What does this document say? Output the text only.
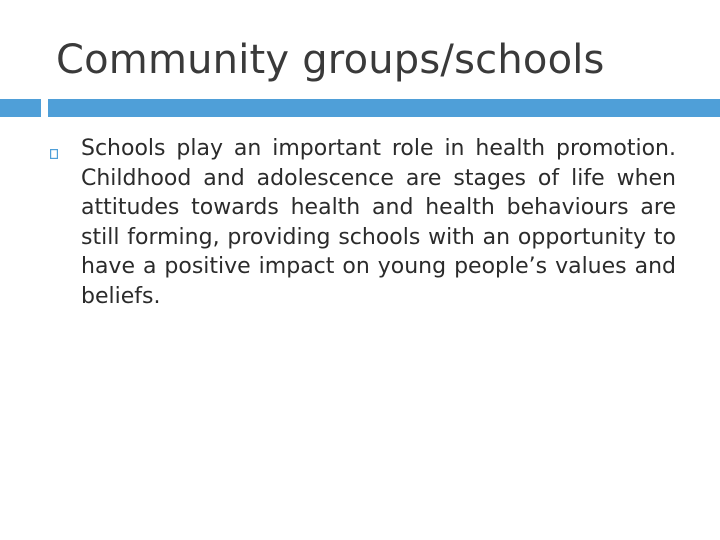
Community groups/schools
Schools play an important role in health promotion. Childhood and adolescence are stages of life when attitudes towards health and health behaviours are still forming, providing schools with an opportunity to have a positive impact on young people’s values and beliefs.
